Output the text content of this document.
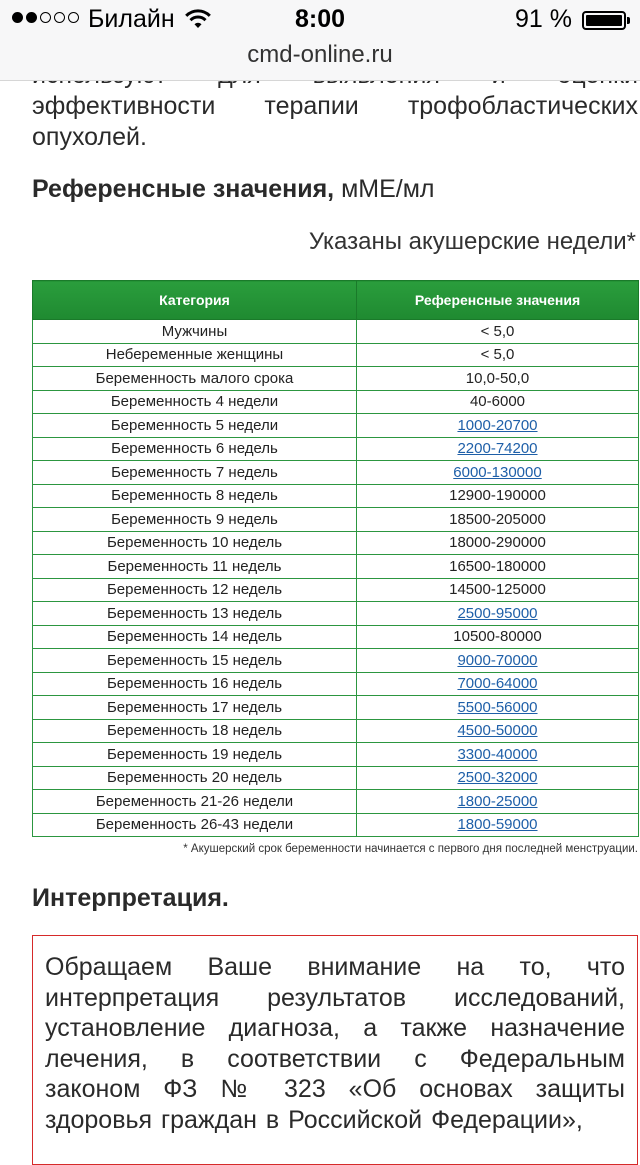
Билайн	8:00	91 %
cmd-online.ru
эффективности терапии трофобластических опухолей.
Референсные значения, мМЕ/мл
Указаны акушерские недели*
Категория	Референсные значения
Мужчины	< 5,0
Небеременные женщины	< 5,0
Беременность малого срока	10,0-50,0
Беременность 4 недели	40-6000
Беременность 5 недели	1000-20700
Беременность 6 недель	2200-74200
Беременность 7 недель	6000-130000
Беременность 8 недель	12900-190000
Беременность 9 недель	18500-205000
Беременность 10 недель	18000-290000
Беременность 11 недель	16500-180000
Беременность 12 недель	14500-125000
Беременность 13 недель	2500-95000
Беременность 14 недель	10500-80000
Беременность 15 недель	9000-70000
Беременность 16 недель	7000-64000
Беременность 17 недель	5500-56000
Беременность 18 недель	4500-50000
Беременность 19 недель	3300-40000
Беременность 20 недель	2500-32000
Беременность 21-26 недели	1800-25000
Беременность 26-43 недели	1800-59000
* Акушерский срок беременности начинается с первого дня последней менструации.
Интерпретация.

Обращаем Ваше внимание на то, что интерпретация результатов исследований, установление диагноза, а также назначение лечения, в соответствии с Федеральным законом ФЗ № 323 «Об основах защиты здоровья граждан в Российской Федерации»,
